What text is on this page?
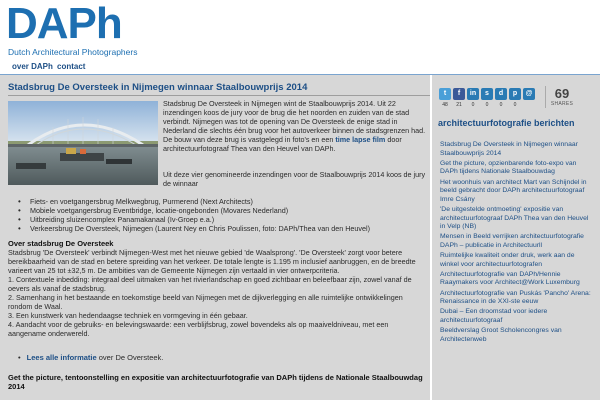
DAPh
Dutch Architectural Photographers
over DAPh contact
Stadsbrug De Oversteek in Nijmegen winnaar Staalbouwprijs 2014
Stadsbrug De Oversteek in Nijmegen wint de Staalbouwprijs 2014. Uit 22 inzendingen koos de jury voor de brug die het noorden en zuiden van de stad verbindt. Nijmegen was tot de opening van De Oversteek de enige stad in Nederland die slechts één brug voor het autoverkeer binnen de stadsgrenzen had. De bouw van deze brug is vastgelegd in foto's en een time lapse film door architectuurfotograaf Thea van den Heuvel van DAPh.
Uit deze vier genomineerde inzendingen voor de Staalbouwprijs 2014 koos de jury de winnaar
• Fiets- en voetgangersbrug Melkwegbrug, Purmerend (Next Architects)
• Mobiele voetgangersbrug Eventbridge, locatie-ongebonden (Movares Nederland)
• Uitbreiding sluizencomplex Panamakanaal (Iv-Groep e.a.)
• Verkeersbrug De Oversteek, Nijmegen (Laurent Ney en Chris Poulissen, foto: DAPh/Thea van den Heuvel)
Over stadsbrug De Oversteek
Stadsbrug 'De Oversteek' verbindt Nijmegen-West met het nieuwe gebied 'de Waalsprong'. 'De Oversteek' zorgt voor betere bereikbaarheid van de stad en betere spreiding van het verkeer. De totale lengte is 1.195 m inclusief aanbruggen, en de breedte varieert van 25 tot ±32,5 m. De ambities van de Gemeente Nijmegen zijn vertaald in vier ontwerpcriteria.
1. Contextuele inbedding: integraal deel uitmaken van het rivierlandschap en goed zichtbaar en beleefbaar zijn, zowel vanaf de oevers als vanaf de stadsbrug.
2. Samenhang in het bestaande en toekomstige beeld van Nijmegen met de dijkverlegging en alle ruimtelijke ontwikkelingen rondom de Waal.
3. Een kunstwerk van hedendaagse techniek en vormgeving in één gebaar.
4. Aandacht voor de gebruiks- en belevingswaarde: een verblijfsbrug, zowel bovendeks als op maaiveldniveau, met een aangename onderwereld.
• Lees alle informatie over De Oversteek.
Get the picture, tentoonstelling en expositie van architectuurfotografie van DAPh tijdens de Nationale Staalbouwdag 2014
t
48
f
21
in
0
s
0
d
0
p
0
@	69
SHARES
architectuurfotografie berichten
Stadsbrug De Oversteek in Nijmegen winnaar Staalbouwprijs 2014
Get the picture, opzienbarende foto-expo van DAPh tijdens Nationale Staalbouwdag
Het woonhuis van architect Mart van Schijndel in beeld gebracht door DAPh architectuurfotograaf Imre Csány
'De uitgestelde ontmoeting' expositie van architectuurfotograaf DAPh Thea van den Heuvel in Velp (NB)
Mensen in Beeld verrijken architectuurfotografie DAPh – publicatie in Architectuurll
Ruimtelijke kwaliteit onder druk, werk aan de winkel voor architectuurfotografen
Architectuurfotografie van DAPh/Hennie Raaymakers voor Architect@Work Luxemburg
Architectuurfotografie van Puskás 'Pancho' Arena: Renaissance in de XXI-ste eeuw
Dubai – Een droomstad voor iedere architectuurfotograaf
Beeldverslag Groot Scholencongres van Architectenweb
